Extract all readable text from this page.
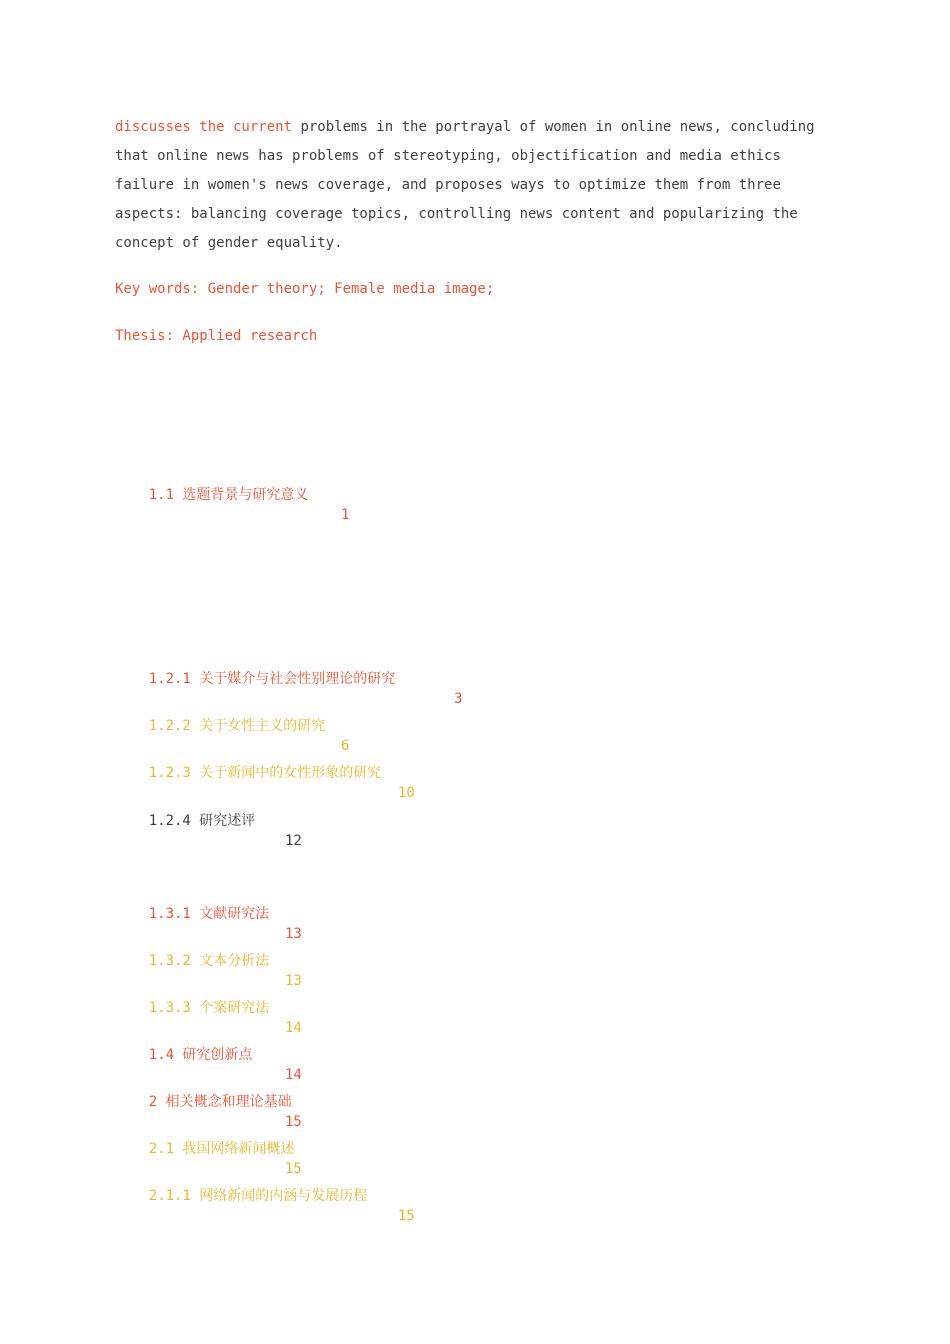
discusses the current problems in the portrayal of women in online news, concluding that online news has problems of stereotyping, objectification and media ethics failure in women's news coverage, and proposes ways to optimize them from three aspects: balancing coverage topics, controlling news content and popularizing the concept of gender equality.

Key words: Gender theory; Female media image;

Thesis: Applied research

1.1 选题背景与研究意义

1

1.2.1 关于媒介与社会性别理论的研究

3

1.2.2 关于女性主义的研究

6

1.2.3 关于新闻中的女性形象的研究

10

1.2.4 研究述评

12

1.3.1 文献研究法

13

1.3.2 文本分析法

13

1.3.3 个案研究法

14

1.4 研究创新点

14

2 相关概念和理论基础

15

2.1 我国网络新闻概述

15

2.1.1 网络新闻的内涵与发展历程

15
